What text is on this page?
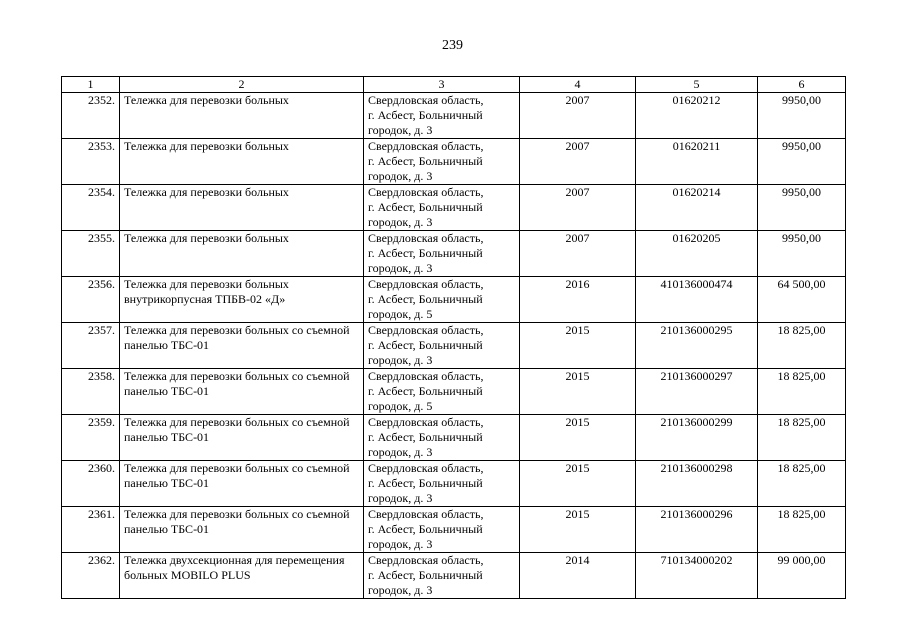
239
1	2	3	4	5	6
2352.	Тележка для перевозки больных	Свердловская область,
г. Асбест, Больничный
городок, д. 3	2007	01620212	9950,00
2353.	Тележка для перевозки больных	Свердловская область,
г. Асбест, Больничный
городок, д. 3	2007	01620211	9950,00
2354.	Тележка для перевозки больных	Свердловская область,
г. Асбест, Больничный
городок, д. 3	2007	01620214	9950,00
2355.	Тележка для перевозки больных	Свердловская область,
г. Асбест, Больничный
городок, д. 3	2007	01620205	9950,00
2356.	Тележка для перевозки больных внутрикорпусная ТПБВ-02 «Д»	Свердловская область,
г. Асбест, Больничный
городок, д. 5	2016	410136000474	64 500,00
2357.	Тележка для перевозки больных со съемной панелью ТБС-01	Свердловская область,
г. Асбест, Больничный
городок, д. 3	2015	210136000295	18 825,00
2358.	Тележка для перевозки больных со съемной панелью ТБС-01	Свердловская область,
г. Асбест, Больничный
городок, д. 5	2015	210136000297	18 825,00
2359.	Тележка для перевозки больных со съемной панелью ТБС-01	Свердловская область,
г. Асбест, Больничный
городок, д. 3	2015	210136000299	18 825,00
2360.	Тележка для перевозки больных со съемной панелью ТБС-01	Свердловская область,
г. Асбест, Больничный
городок, д. 3	2015	210136000298	18 825,00
2361.	Тележка для перевозки больных со съемной панелью ТБС-01	Свердловская область,
г. Асбест, Больничный
городок, д. 3	2015	210136000296	18 825,00
2362.	Тележка двухсекционная для перемещения больных MOBILO PLUS	Свердловская область,
г. Асбест, Больничный
городок, д. 3	2014	710134000202	99 000,00
